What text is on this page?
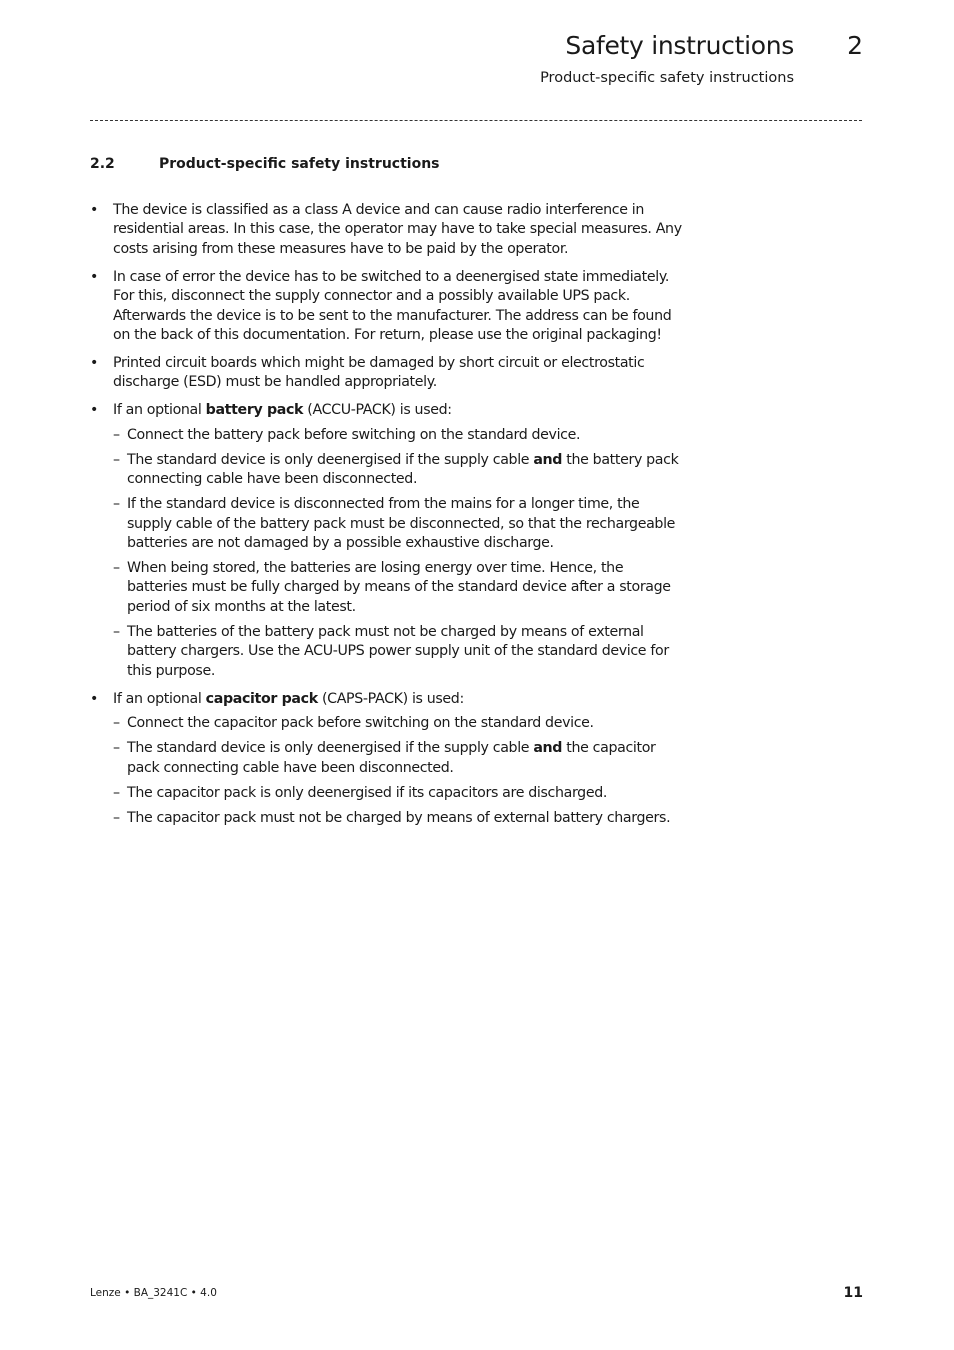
Safety instructions 2
Product-specific safety instructions
2.2	Product-specific safety instructions
• The device is classified as a class A device and can cause radio interference in residential areas. In this case, the operator may have to take special measures. Any costs arising from these measures have to be paid by the operator.
• In case of error the device has to be switched to a deenergised state immediately. For this, disconnect the supply connector and a possibly available UPS pack. Afterwards the device is to be sent to the manufacturer. The address can be found on the back of this documentation. For return, please use the original packaging!
• Printed circuit boards which might be damaged by short circuit or electrostatic discharge (ESD) must be handled appropriately.
• If an optional battery pack (ACCU-PACK) is used:
– Connect the battery pack before switching on the standard device.
– The standard device is only deenergised if the supply cable and the battery pack connecting cable have been disconnected.
– If the standard device is disconnected from the mains for a longer time, the supply cable of the battery pack must be disconnected, so that the rechargeable batteries are not damaged by a possible exhaustive discharge.
– When being stored, the batteries are losing energy over time. Hence, the batteries must be fully charged by means of the standard device after a storage period of six months at the latest.
– The batteries of the battery pack must not be charged by means of external battery chargers. Use the ACU-UPS power supply unit of the standard device for this purpose.
• If an optional capacitor pack (CAPS-PACK) is used:
– Connect the capacitor pack before switching on the standard device.
– The standard device is only deenergised if the supply cable and the capacitor pack connecting cable have been disconnected.
– The capacitor pack is only deenergised if its capacitors are discharged.
– The capacitor pack must not be charged by means of external battery chargers.
Lenze • BA_3241C • 4.0	11
